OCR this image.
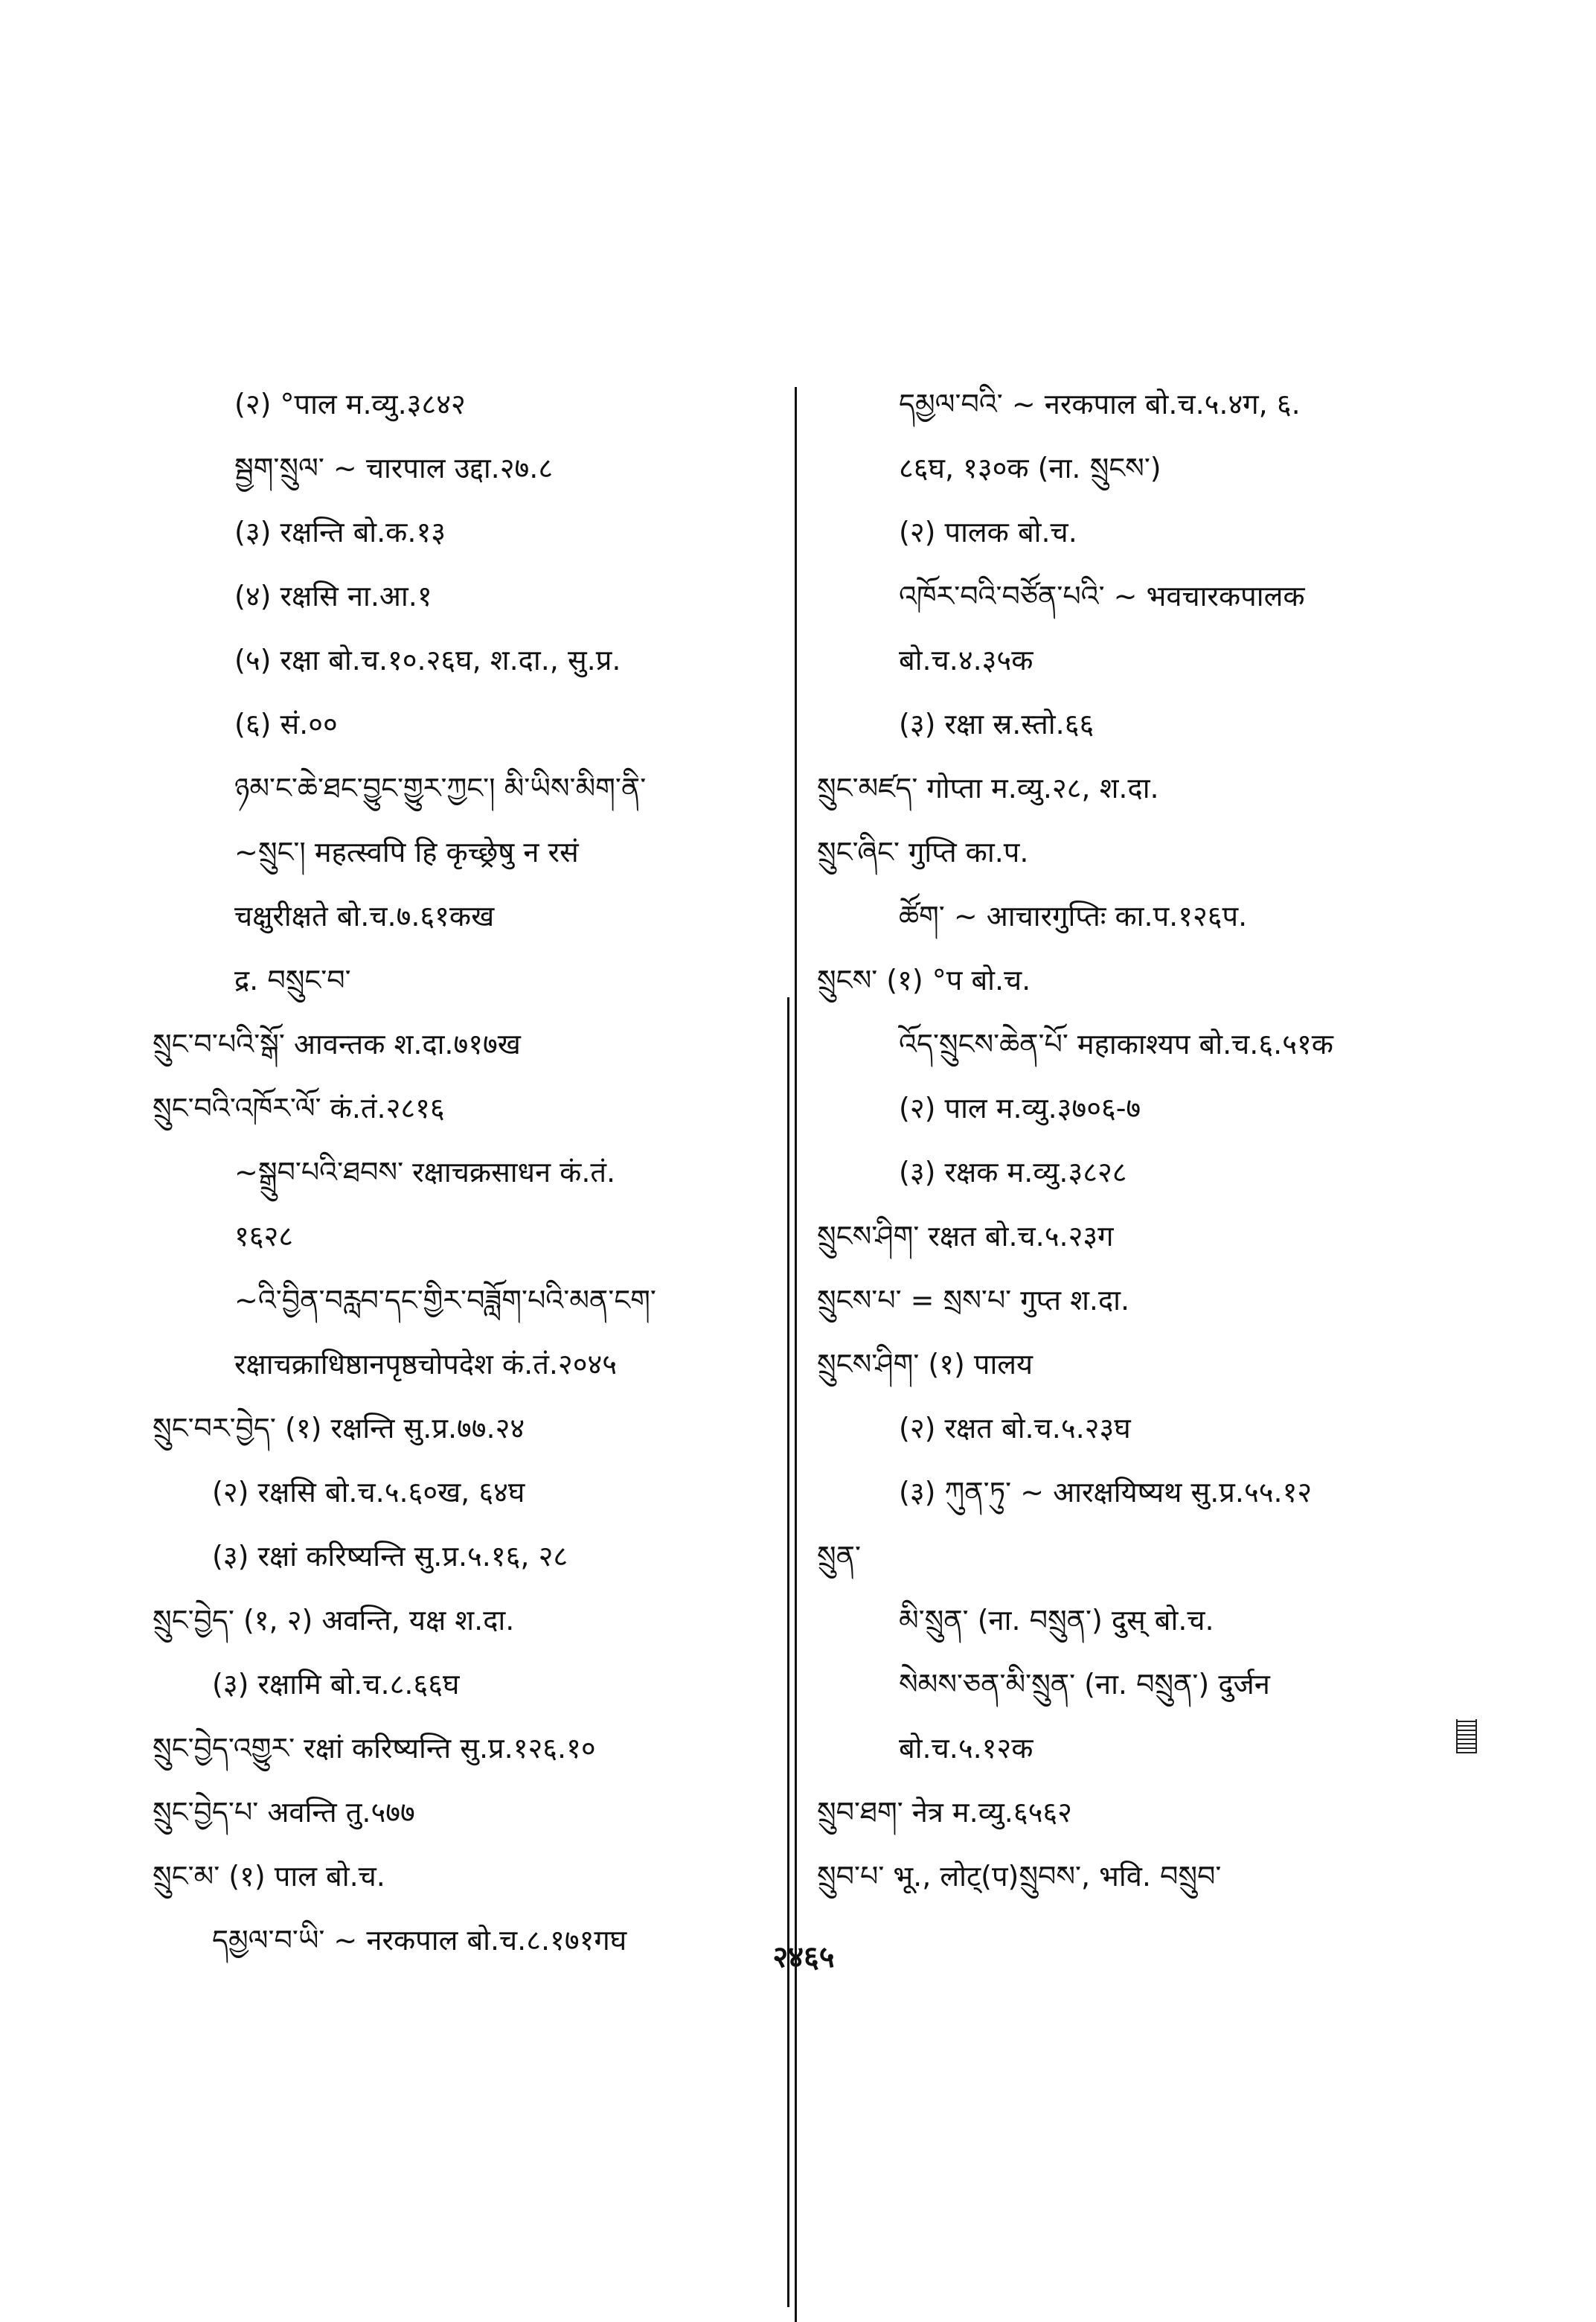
(२) °पाल म.व्यु.३८४२
སྦྱག་སྲུལ་ ~ चारपाल उद्दा.२७.८
(३) रक्षन्ति बो.क.१३
(४) रक्षसि ना.आ.१
(५) रक्षा बो.च.१०.२६घ, श.दा., सु.प्र.
(६) सं.००
ཉམ་ང་ཆེ་ཐང་བྱུང་གྱུར་ཀྱང་། མི་ཡིས་མིག་ནི་
~སྲུང་། महत्स्वपि हि कृच्छ्रेषु न रसं
चक्षुरीक्षते बो.च.७.६१कख
द्र. བསྲུང་བ་
སྲུང་བ་པའི་སྒོ་ आवन्तक श.दा.७१७ख
སྲུང་བའི་འཁོར་ལོ་ कं.तं.२८१६
~སྒྲུབ་པའི་ཐབས་ रक्षाचक्रसाधन कं.तं.
१६२८
~འི་བྱིན་བརླབ་དང་གྱིར་བཟློག་པའི་མན་ངག་
रक्षाचक्राधिष्ठानपृष्ठचोपदेश कं.तं.२०४५
སྲུང་བར་བྱེད་ (१) रक्षन्ति सु.प्र.७७.२४
(२) रक्षसि बो.च.५.६०ख, ६४घ
(३) रक्षां करिष्यन्ति सु.प्र.५.१६, २८
སྲུང་བྱེད་ (१, २) अवन्ति, यक्ष श.दा.
(३) रक्षामि बो.च.८.६६घ
སྲུང་བྱེད་འགྱུར་ रक्षां करिष्यन्ति सु.प्र.१२६.१०
སྲུང་བྱེད་པ་ अवन्ति तु.५७७
སྲུང་མ་ (१) पाल बो.च.
དམྱལ་བ་ཡི་ ~ नरकपाल बो.च.८.१७१गघ
དམྱལ་བའི་ ~ नरकपाल बो.च.५.४ग, ६.
८६घ, १३०क (ना. སྲུངས་)
(२) पालक बो.च.
འཁོར་བའི་བཙོན་པའི་ ~ भवचारकपालक
बो.च.४.३५क
(३) रक्षा स्र.स्तो.६६
སྲུང་མཛད་ गोप्ता म.व्यु.२८, श.दा.
སྲུང་ཞིང་ गुप्ति का.प.
ཚོག་ ~ आचारगुप्तिः का.प.१२६प.
སྲུངས་ (१) °प बो.च.
འོད་སྲུངས་ཆེན་པོ་ महाकाश्यप बो.च.६.५१क
(२) पाल म.व्यु.३७०६-७
(३) रक्षक म.व्यु.३८२८
སྲུངས་ཤིག་ रक्षत बो.च.५.२३ग
སྲུངས་པ་ = སྲས་པ་ गुप्त श.दा.
སྲུངས་ཤིག་ (१) पालय
(२) रक्षत बो.च.५.२३घ
(३) ཀུན་ཏུ་ ~ आरक्षयिष्यथ सु.प्र.५५.१२
སྲུན་
མི་སྲུན་ (ना. བསྲུན་) दुस् बो.च.
སེམས་ཅན་མི་སྲུན་ (ना. བསྲུན་) दुर्जन
बो.च.५.१२क
སྲུབ་ཐག་ नेत्र म.व्यु.६५६२
སྲུབ་པ་ भू., लोट्(प)སྲུབས་, भवि. བསྲུབ་
२४६५
